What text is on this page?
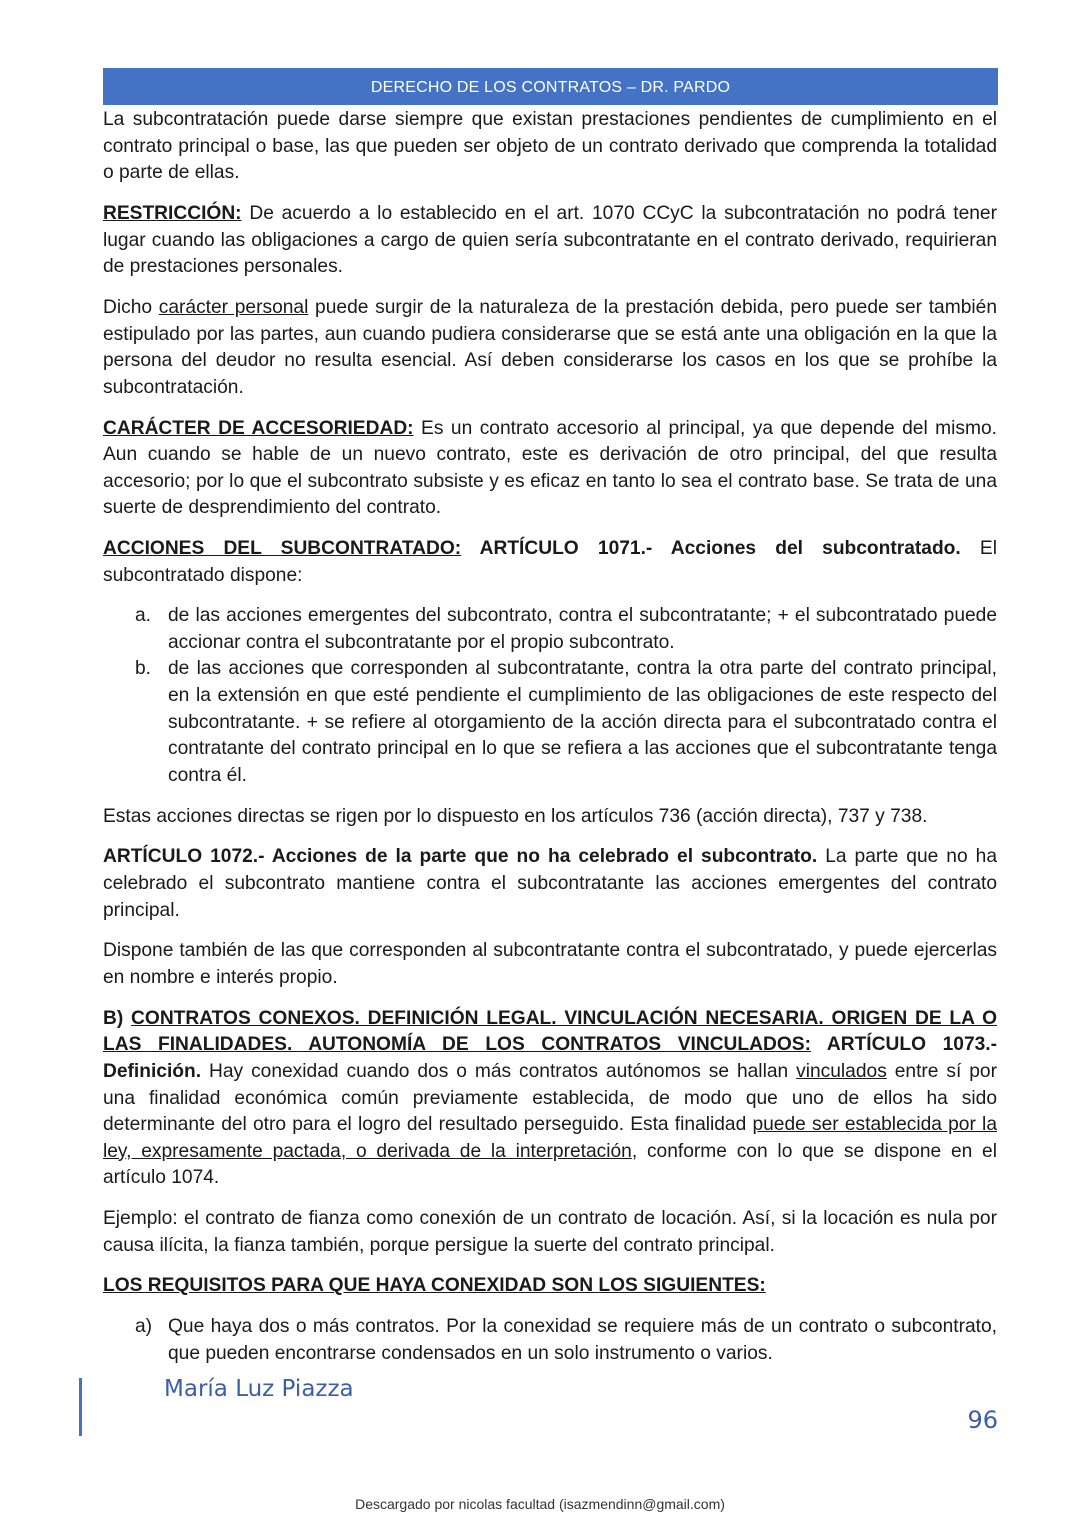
DERECHO DE LOS CONTRATOS – DR. PARDO

La subcontratación puede darse siempre que existan prestaciones pendientes de cumplimiento en el contrato principal o base, las que pueden ser objeto de un contrato derivado que comprenda la totalidad o parte de ellas.

RESTRICCIÓN: De acuerdo a lo establecido en el art. 1070 CCyC la subcontratación no podrá tener lugar cuando las obligaciones a cargo de quien sería subcontratante en el contrato derivado, requirieran de prestaciones personales.

Dicho carácter personal puede surgir de la naturaleza de la prestación debida, pero puede ser también estipulado por las partes, aun cuando pudiera considerarse que se está ante una obligación en la que la persona del deudor no resulta esencial. Así deben considerarse los casos en los que se prohíbe la subcontratación.

CARÁCTER DE ACCESORIEDAD: Es un contrato accesorio al principal, ya que depende del mismo. Aun cuando se hable de un nuevo contrato, este es derivación de otro principal, del que resulta accesorio; por lo que el subcontrato subsiste y es eficaz en tanto lo sea el contrato base. Se trata de una suerte de desprendimiento del contrato.

ACCIONES DEL SUBCONTRATADO: ARTÍCULO 1071.- Acciones del subcontratado. El subcontratado dispone:

a. de las acciones emergentes del subcontrato, contra el subcontratante; + el subcontratado puede accionar contra el subcontratante por el propio subcontrato.
b. de las acciones que corresponden al subcontratante, contra la otra parte del contrato principal, en la extensión en que esté pendiente el cumplimiento de las obligaciones de este respecto del subcontratante. + se refiere al otorgamiento de la acción directa para el subcontratado contra el contratante del contrato principal en lo que se refiera a las acciones que el subcontratante tenga contra él.

Estas acciones directas se rigen por lo dispuesto en los artículos 736 (acción directa), 737 y 738.

ARTÍCULO 1072.- Acciones de la parte que no ha celebrado el subcontrato. La parte que no ha celebrado el subcontrato mantiene contra el subcontratante las acciones emergentes del contrato principal.

Dispone también de las que corresponden al subcontratante contra el subcontratado, y puede ejercerlas en nombre e interés propio.

B) CONTRATOS CONEXOS. DEFINICIÓN LEGAL. VINCULACIÓN NECESARIA. ORIGEN DE LA O LAS FINALIDADES. AUTONOMÍA DE LOS CONTRATOS VINCULADOS: ARTÍCULO 1073.- Definición. Hay conexidad cuando dos o más contratos autónomos se hallan vinculados entre sí por una finalidad económica común previamente establecida, de modo que uno de ellos ha sido determinante del otro para el logro del resultado perseguido. Esta finalidad puede ser establecida por la ley, expresamente pactada, o derivada de la interpretación, conforme con lo que se dispone en el artículo 1074.

Ejemplo: el contrato de fianza como conexión de un contrato de locación. Así, si la locación es nula por causa ilícita, la fianza también, porque persigue la suerte del contrato principal.

LOS REQUISITOS PARA QUE HAYA CONEXIDAD SON LOS SIGUIENTES:

a) Que haya dos o más contratos. Por la conexidad se requiere más de un contrato o subcontrato, que pueden encontrarse condensados en un solo instrumento o varios.
María Luz Piazza
96
Descargado por nicolas facultad (isazmendinn@gmail.com)
